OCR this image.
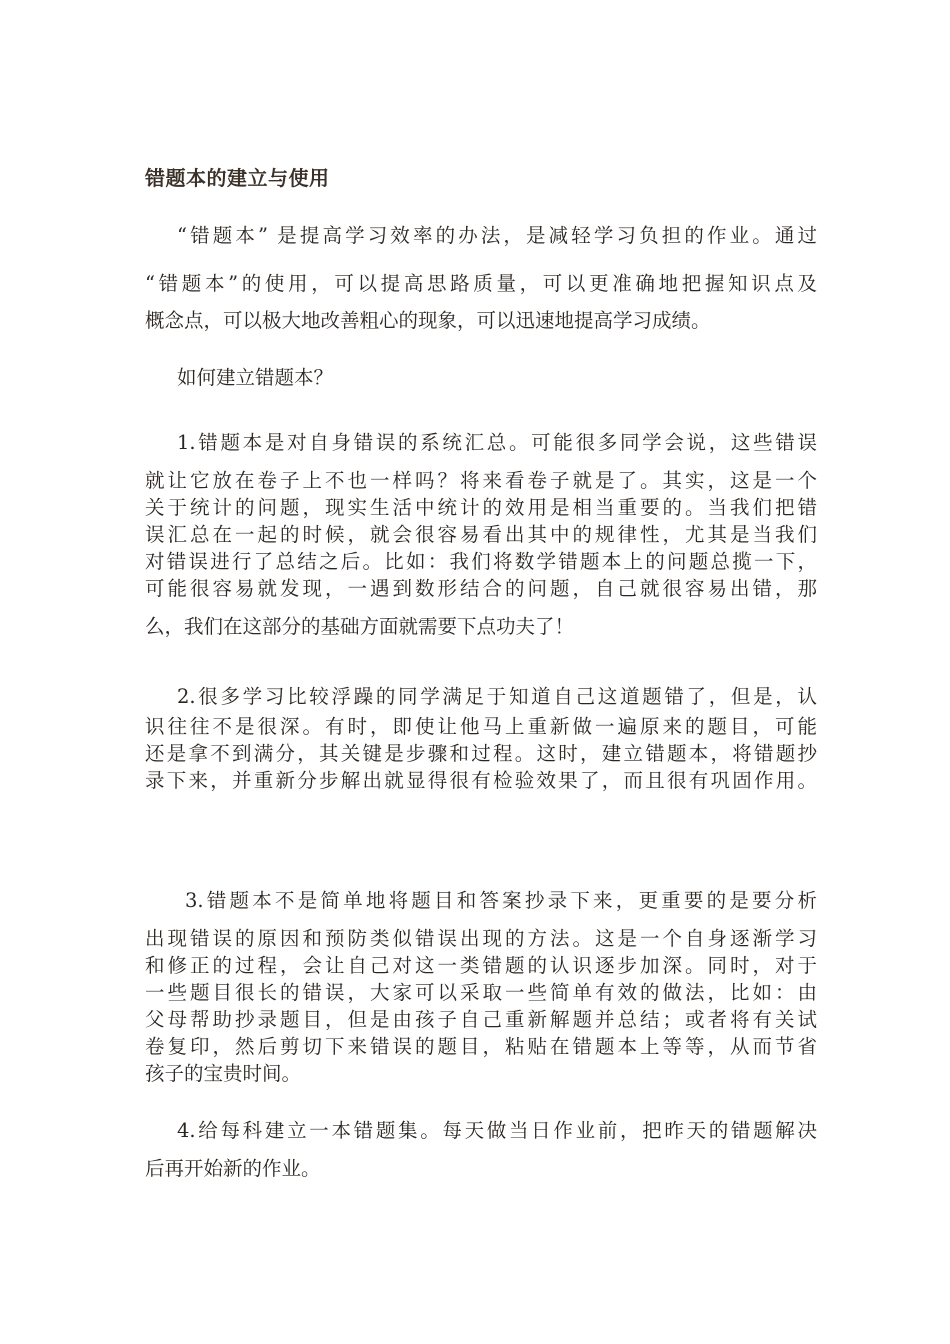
错题本的建立与使用
“错题本” 是提高学习效率的办法，是减轻学习负担的作业。通过
“错题本”的使用，可以提高思路质量，可以更准确地把握知识点及
概念点，可以极大地改善粗心的现象，可以迅速地提高学习成绩。
如何建立错题本？
1.错题本是对自身错误的系统汇总。可能很多同学会说，这些错误
就让它放在卷子上不也一样吗？将来看卷子就是了。其实，这是一个
关于统计的问题，现实生活中统计的效用是相当重要的。当我们把错
误汇总在一起的时候，就会很容易看出其中的规律性，尤其是当我们
对错误进行了总结之后。比如：我们将数学错题本上的问题总揽一下，
可能很容易就发现，一遇到数形结合的问题，自己就很容易出错，那
么，我们在这部分的基础方面就需要下点功夫了！
2.很多学习比较浮躁的同学满足于知道自己这道题错了，但是，认
识往往不是很深。有时，即使让他马上重新做一遍原来的题目，可能
还是拿不到满分，其关键是步骤和过程。这时，建立错题本，将错题抄
录下来，并重新分步解出就显得很有检验效果了，而且很有巩固作用。
3.错题本不是简单地将题目和答案抄录下来，更重要的是要分析
出现错误的原因和预防类似错误出现的方法。这是一个自身逐渐学习
和修正的过程，会让自己对这一类错题的认识逐步加深。同时，对于
一些题目很长的错误，大家可以采取一些简单有效的做法，比如：由
父母帮助抄录题目，但是由孩子自己重新解题并总结；或者将有关试
卷复印，然后剪切下来错误的题目，粘贴在错题本上等等，从而节省
孩子的宝贵时间。
4.给每科建立一本错题集。每天做当日作业前，把昨天的错题解决
后再开始新的作业。
